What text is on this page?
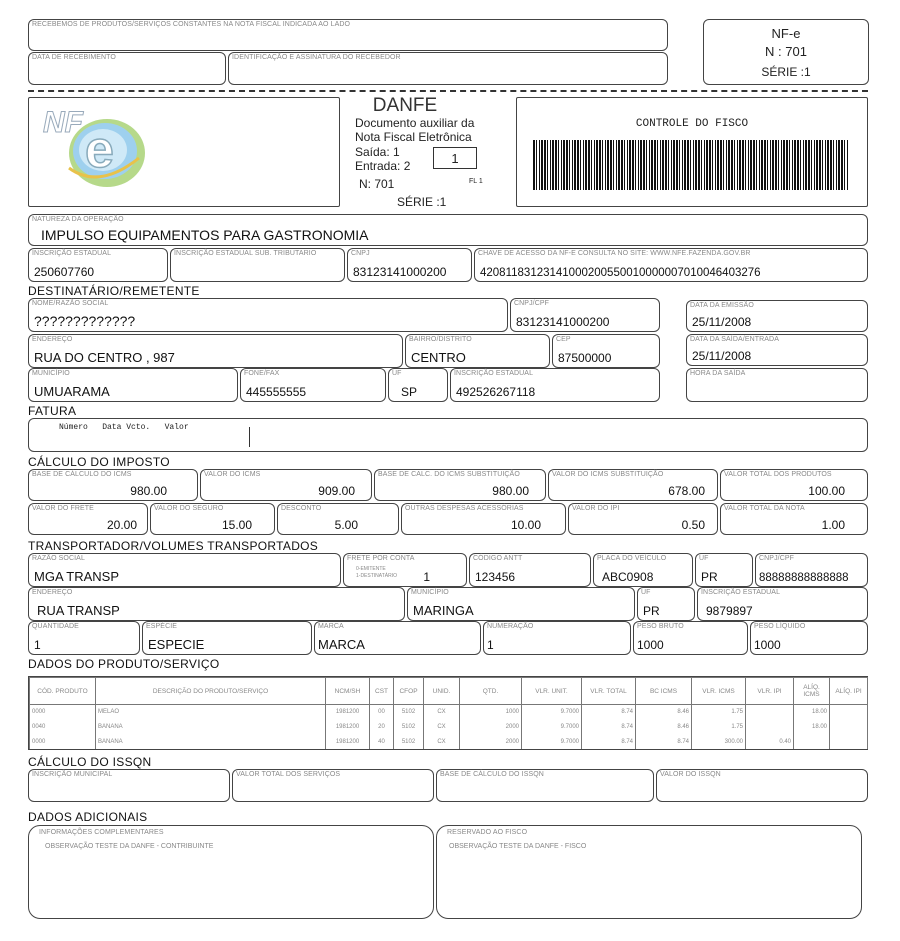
RECEBEMOS DE PRODUTOS/SERVIÇOS CONSTANTES NA NOTA FISCAL INDICADA AO LADO
DATA DE RECEBIMENTO	IDENTIFICAÇÃO E ASSINATURA DO RECEBEDOR
NF-e
N : 701
SÉRIE :1
NF e
DANFE
Documento auxiliar da
Nota Fiscal Eletrônica
Saída: 1
Entrada: 2	1
N: 701	FL 1
SÉRIE :1
CONTROLE DO FISCO
NATUREZA DA OPERAÇÃO
IMPULSO EQUIPAMENTOS PARA GASTRONOMIA
INSCRIÇÃO ESTADUAL
250607760
INSCRIÇÃO ESTADUAL SUB. TRIBUTARIO	CNPJ
83123141000200
CHAVE DE ACESSO DA NF-E CONSULTA NO SITE: WWW.NFE.FAZENDA.GOV.BR
42081183123141000200550010000007010046403276
DESTINATÁRIO/REMETENTE
NOME/RAZÃO SOCIAL
?????????????
CNPJ/CPF
83123141000200
DATA DA EMISSÃO
25/11/2008
ENDEREÇO
RUA DO CENTRO , 987
BAIRRO/DISTRITO
CENTRO
CEP
87500000
DATA DA SAÍDA/ENTRADA
25/11/2008
MUNICÍPIO
UMUARAMA
FONE/FAX
445555555
UF
SP
INSCRIÇÃO ESTADUAL
492526267118
HORA DA SAÍDA
FATURA
Número   Data Vcto.   Valor
CÁLCULO DO IMPOSTO
BASE DE CÁLCULO DO ICMS
980.00
VALOR DO ICMS
909.00
BASE DE CALC. DO ICMS SUBSTITUIÇÃO
980.00
VALOR DO ICMS SUBSTITUIÇÃO
678.00
VALOR TOTAL DOS PRODUTOS
100.00
VALOR DO FRETE
20.00
VALOR DO SEGURO
15.00
DESCONTO
5.00
OUTRAS DESPESAS ACESSÓRIAS
10.00
VALOR DO IPI
0.50
VALOR TOTAL DA NOTA
1.00
TRANSPORTADOR/VOLUMES TRANSPORTADOS
RAZÃO SOCIAL
MGA TRANSP
FRETE POR CONTA
0-EMITENTE
1-DESTINATÁRIO 1
CÓDIGO ANTT
123456
PLACA DO VEÍCULO
ABC0908
UF
PR
CNPJ/CPF
88888888888888
ENDEREÇO
RUA TRANSP
MUNICÍPIO
MARINGA
UF
PR
INSCRIÇÃO ESTADUAL
9879897
QUANTIDADE
1
ESPÉCIE
ESPECIE
MARCA
MARCA
NUMERAÇÃO
1
PESO BRUTO
1000
PESO LÍQUIDO
1000
DADOS DO PRODUTO/SERVIÇO
CÓD. PRODUTO	DESCRIÇÃO DO PRODUTO/SERVIÇO	NCM/SH	CST	CFOP	UNID.	QTD.	VLR. UNIT.	VLR. TOTAL	BC ICMS	VLR. ICMS	VLR. IPI	ALÍQ. ICMS	ALÍQ. IPI
0000	MELAO	1981200	00	5102	CX	1000	9.7000	8.74	8.46	1.75		18.00	
0040	BANANA	1981200	20	5102	CX	2000	9.7000	8.74	8.46	1.75		18.00	
0000	BANANA	1981200	40	5102	CX	2000	9.7000	8.74	8.74	300.00	0.40		
CÁLCULO DO ISSQN
INSCRIÇÃO MUNICIPAL	VALOR TOTAL DOS SERVIÇOS	BASE DE CÁLCULO DO ISSQN	VALOR DO ISSQN
DADOS ADICIONAIS
INFORMAÇÕES COMPLEMENTARES
OBSERVAÇÃO TESTE DA DANFE - CONTRIBUINTE
RESERVADO AO FISCO
OBSERVAÇÃO TESTE DA DANFE - FISCO
